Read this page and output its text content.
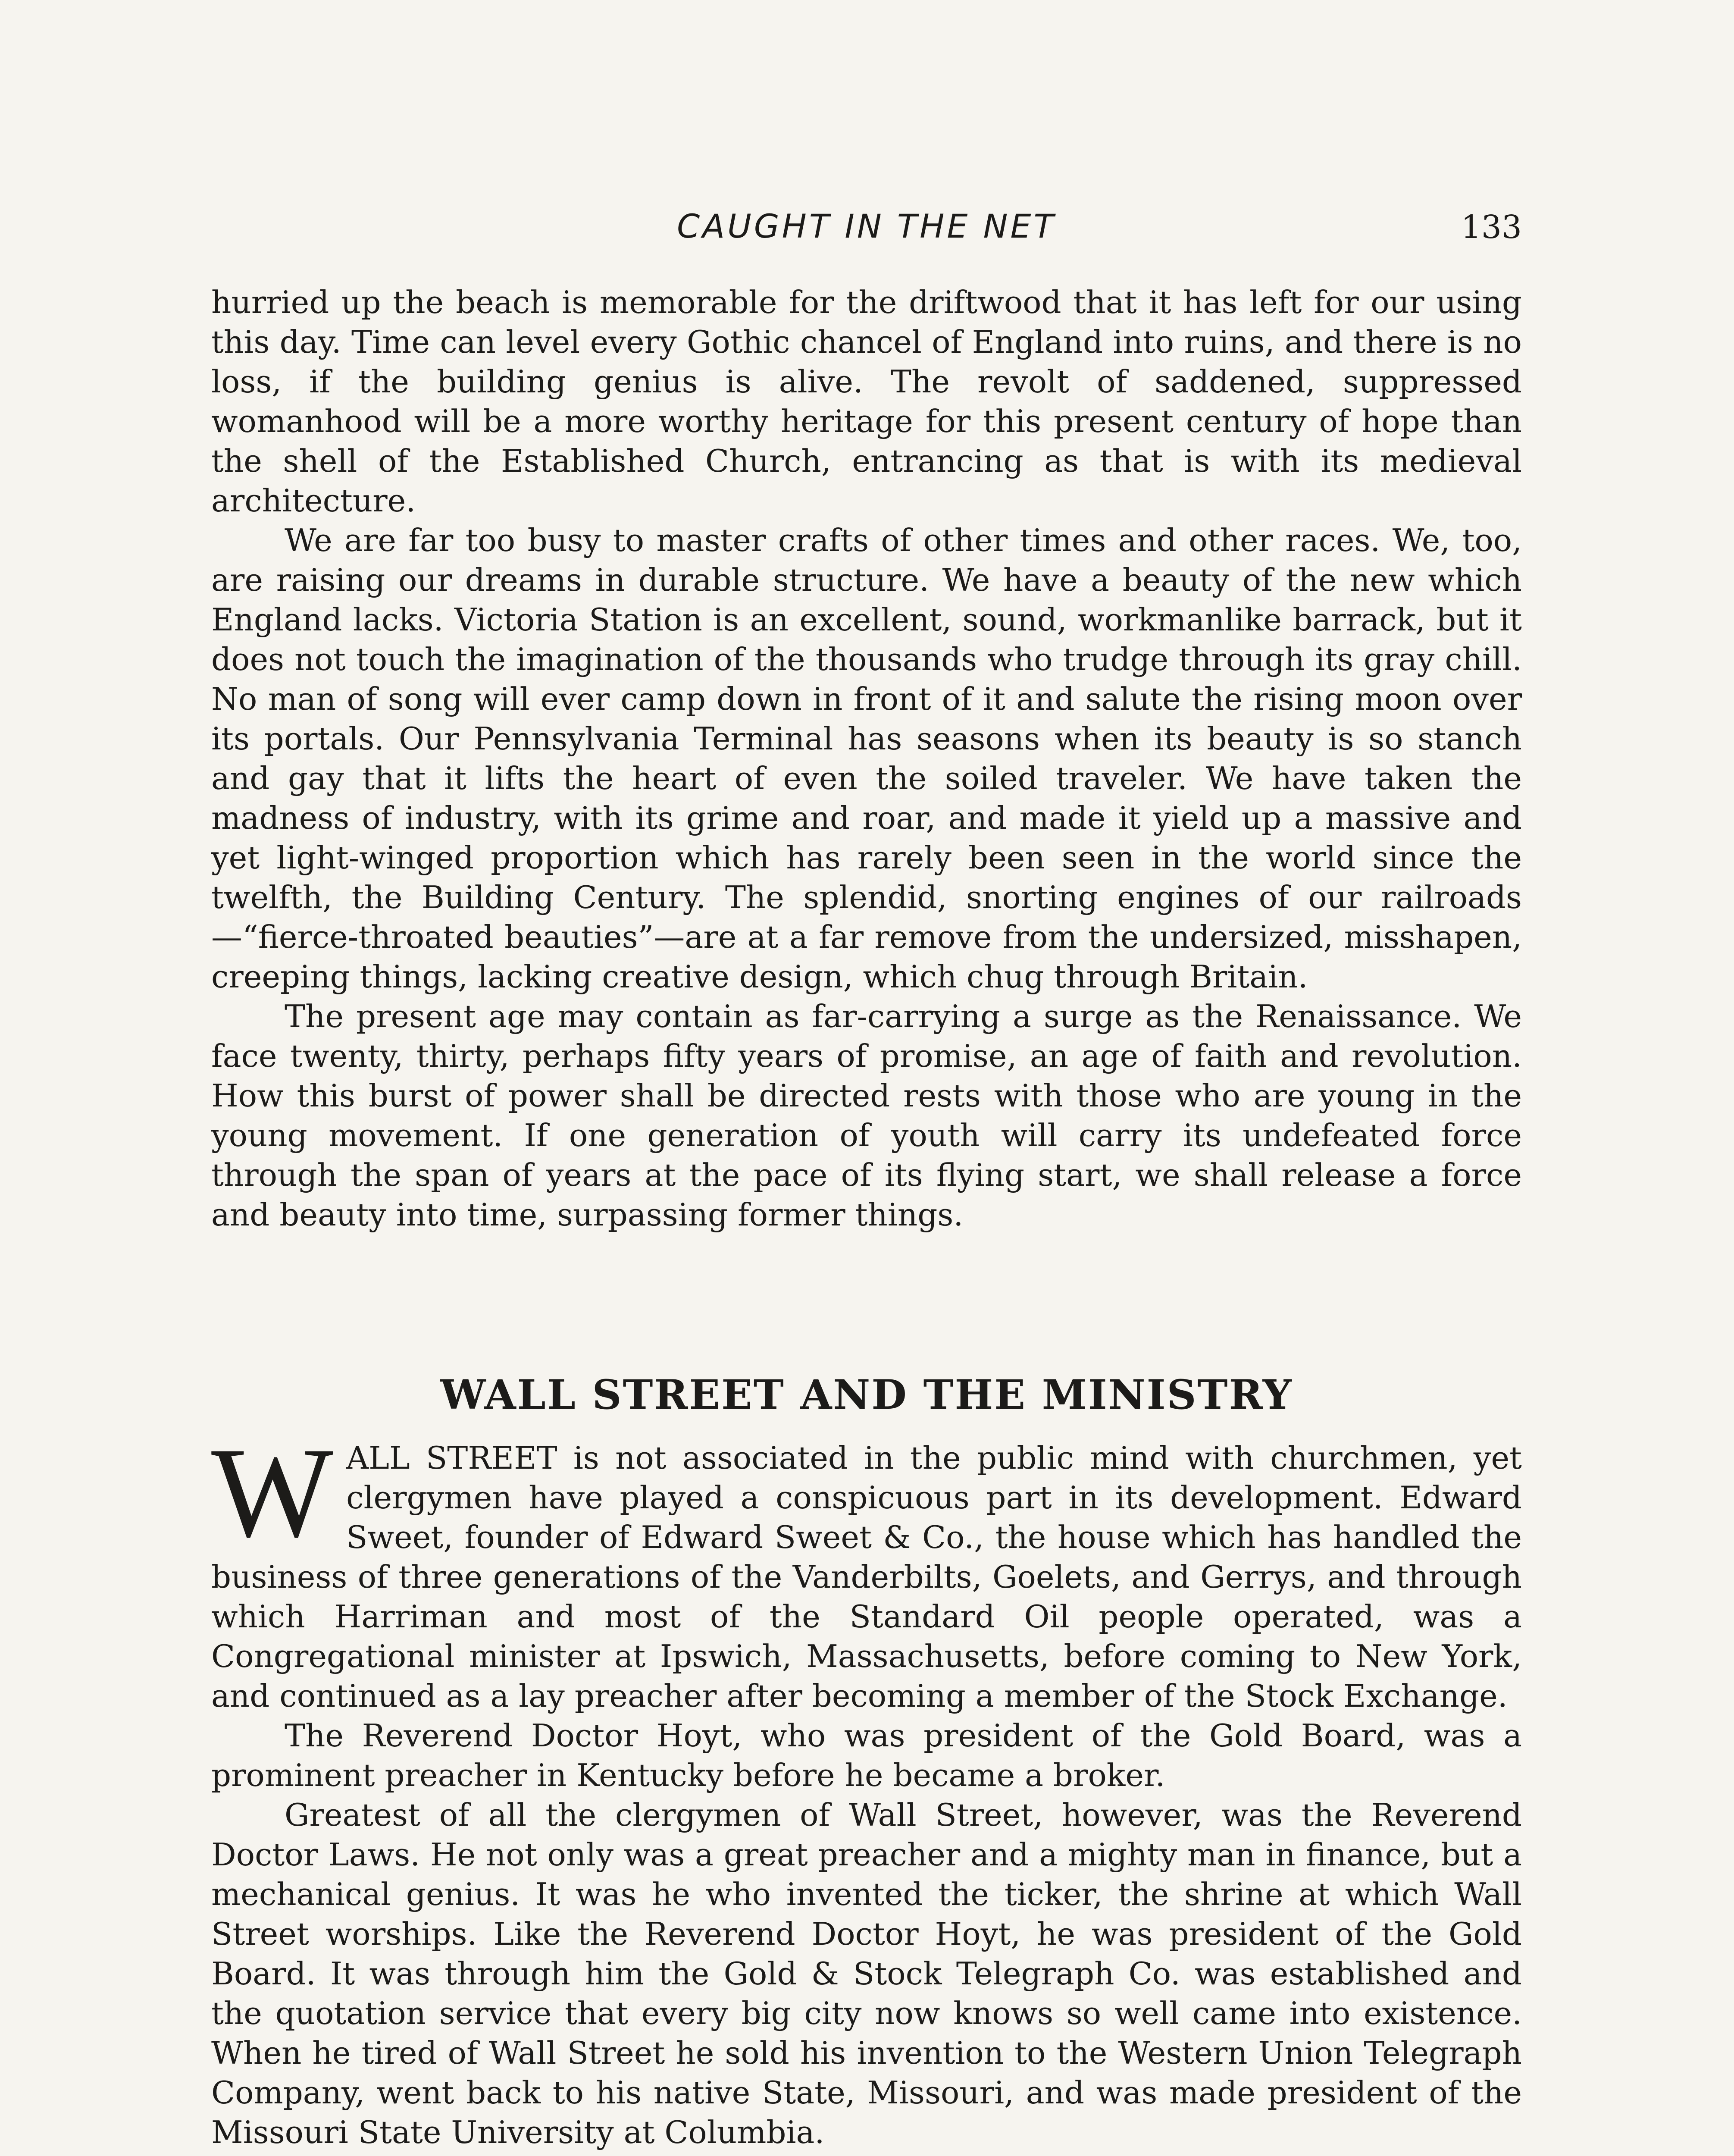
CAUGHT IN THE NET	133

hurried up the beach is memorable for the driftwood that it has left for our using this day. Time can level every Gothic chancel of England into ruins, and there is no loss, if the building genius is alive. The revolt of saddened, suppressed womanhood will be a more worthy heritage for this present century of hope than the shell of the Established Church, entrancing as that is with its medieval architecture.

We are far too busy to master crafts of other times and other races. We, too, are raising our dreams in durable structure. We have a beauty of the new which England lacks. Victoria Station is an excellent, sound, workmanlike barrack, but it does not touch the imagination of the thousands who trudge through its gray chill. No man of song will ever camp down in front of it and salute the rising moon over its portals. Our Pennsylvania Terminal has seasons when its beauty is so stanch and gay that it lifts the heart of even the soiled traveler. We have taken the madness of industry, with its grime and roar, and made it yield up a massive and yet light-winged proportion which has rarely been seen in the world since the twelfth, the Building Century. The splendid, snorting engines of our railroads—“fierce-throated beauties”—are at a far remove from the undersized, misshapen, creeping things, lacking creative design, which chug through Britain.

The present age may contain as far-carrying a surge as the Renaissance. We face twenty, thirty, perhaps fifty years of promise, an age of faith and revolution. How this burst of power shall be directed rests with those who are young in the young movement. If one generation of youth will carry its undefeated force through the span of years at the pace of its flying start, we shall release a force and beauty into time, surpassing former things.

WALL STREET AND THE MINISTRY

WALL STREET is not associated in the public mind with churchmen, yet clergymen have played a conspicuous part in its development. Edward Sweet, founder of Edward Sweet & Co., the house which has handled the business of three generations of the Vanderbilts, Goelets, and Gerrys, and through which Harriman and most of the Standard Oil people operated, was a Congregational minister at Ipswich, Massachusetts, before coming to New York, and continued as a lay preacher after becoming a member of the Stock Exchange.

The Reverend Doctor Hoyt, who was president of the Gold Board, was a prominent preacher in Kentucky before he became a broker.

Greatest of all the clergymen of Wall Street, however, was the Reverend Doctor Laws. He not only was a great preacher and a mighty man in finance, but a mechanical genius. It was he who invented the ticker, the shrine at which Wall Street worships. Like the Reverend Doctor Hoyt, he was president of the Gold Board. It was through him the Gold & Stock Telegraph Co. was established and the quotation service that every big city now knows so well came into existence. When he tired of Wall Street he sold his invention to the Western Union Telegraph Company, went back to his native State, Missouri, and was made president of the Missouri State University at Columbia.
